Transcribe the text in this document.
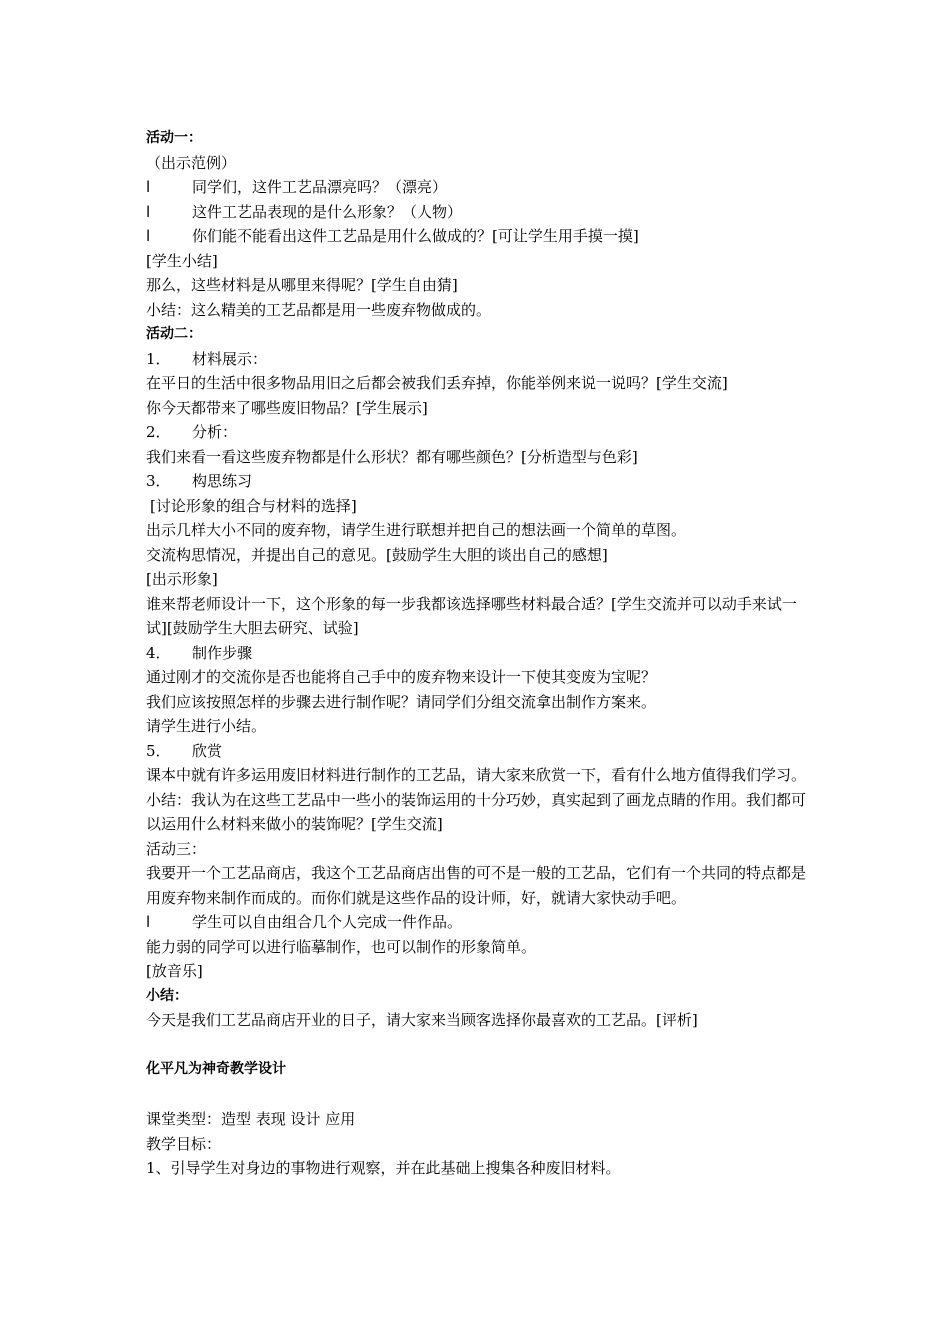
活动一：

（出示范例）

l	同学们，这件工艺品漂亮吗？（漂亮）

l	这件工艺品表现的是什么形象？（人物）

l	你们能不能看出这件工艺品是用什么做成的？[可让学生用手摸一摸]

[学生小结]

那么，这些材料是从哪里来得呢？[学生自由猜]

小结：这么精美的工艺品都是用一些废弃物做成的。

活动二：

1． 材料展示：

在平日的生活中很多物品用旧之后都会被我们丢弃掉，你能举例来说一说吗？[学生交流]

你今天都带来了哪些废旧物品？[学生展示]

2． 分析：

我们来看一看这些废弃物都是什么形状？都有哪些颜色？[分析造型与色彩]

3． 构思练习

[讨论形象的组合与材料的选择]

出示几样大小不同的废弃物，请学生进行联想并把自己的想法画一个简单的草图。

交流构思情况，并提出自己的意见。[鼓励学生大胆的谈出自己的感想]

[出示形象]

谁来帮老师设计一下，这个形象的每一步我都该选择哪些材料最合适？[学生交流并可以动手来试一试][鼓励学生大胆去研究、试验]

4． 制作步骤

通过刚才的交流你是否也能将自己手中的废弃物来设计一下使其变废为宝呢？

我们应该按照怎样的步骤去进行制作呢？请同学们分组交流拿出制作方案来。

请学生进行小结。

5． 欣赏

课本中就有许多运用废旧材料进行制作的工艺品，请大家来欣赏一下，看有什么地方值得我们学习。

小结：我认为在这些工艺品中一些小的装饰运用的十分巧妙，真实起到了画龙点睛的作用。我们都可以运用什么材料来做小的装饰呢？[学生交流]

活动三：

我要开一个工艺品商店，我这个工艺品商店出售的可不是一般的工艺品，它们有一个共同的特点都是用废弃物来制作而成的。而你们就是这些作品的设计师，好，就请大家快动手吧。

l	学生可以自由组合几个人完成一件作品。

能力弱的同学可以进行临摹制作，也可以制作的形象简单。

[放音乐]

小结：

今天是我们工艺品商店开业的日子，请大家来当顾客选择你最喜欢的工艺品。[评析]

化平凡为神奇教学设计

课堂类型：造型 表现 设计 应用

教学目标：

1、引导学生对身边的事物进行观察，并在此基础上搜集各种废旧材料。
